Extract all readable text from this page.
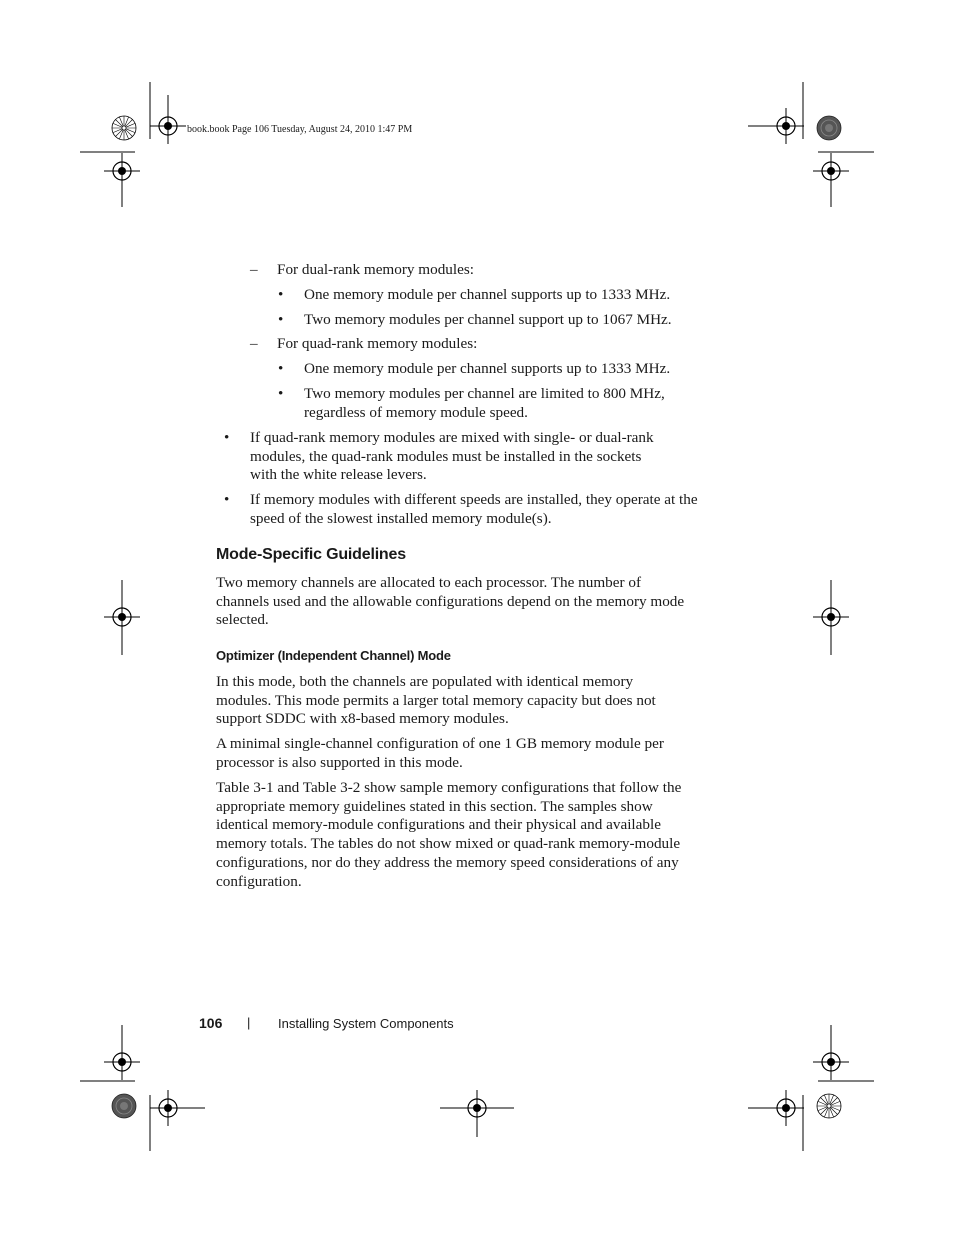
book.book Page 106 Tuesday, August 24, 2010 1:47 PM
– For dual-rank memory modules:
• One memory module per channel supports up to 1333 MHz.
• Two memory modules per channel support up to 1067 MHz.
– For quad-rank memory modules:
• One memory module per channel supports up to 1333 MHz.
• Two memory modules per channel are limited to 800 MHz,
regardless of memory module speed.
• If quad-rank memory modules are mixed with single- or dual-rank
modules, the quad-rank modules must be installed in the sockets
with the white release levers.
• If memory modules with different speeds are installed, they operate at the
speed of the slowest installed memory module(s).
Mode-Specific Guidelines
Two memory channels are allocated to each processor. The number of
channels used and the allowable configurations depend on the memory mode
selected.
Optimizer (Independent Channel) Mode
In this mode, both the channels are populated with identical memory
modules. This mode permits a larger total memory capacity but does not
support SDDC with x8-based memory modules.
A minimal single-channel configuration of one 1 GB memory module per
processor is also supported in this mode.
Table 3-1 and Table 3-2 show sample memory configurations that follow the
appropriate memory guidelines stated in this section. The samples show
identical memory-module configurations and their physical and available
memory totals. The tables do not show mixed or quad-rank memory-module
configurations, nor do they address the memory speed considerations of any
configuration.
106 | Installing System Components
